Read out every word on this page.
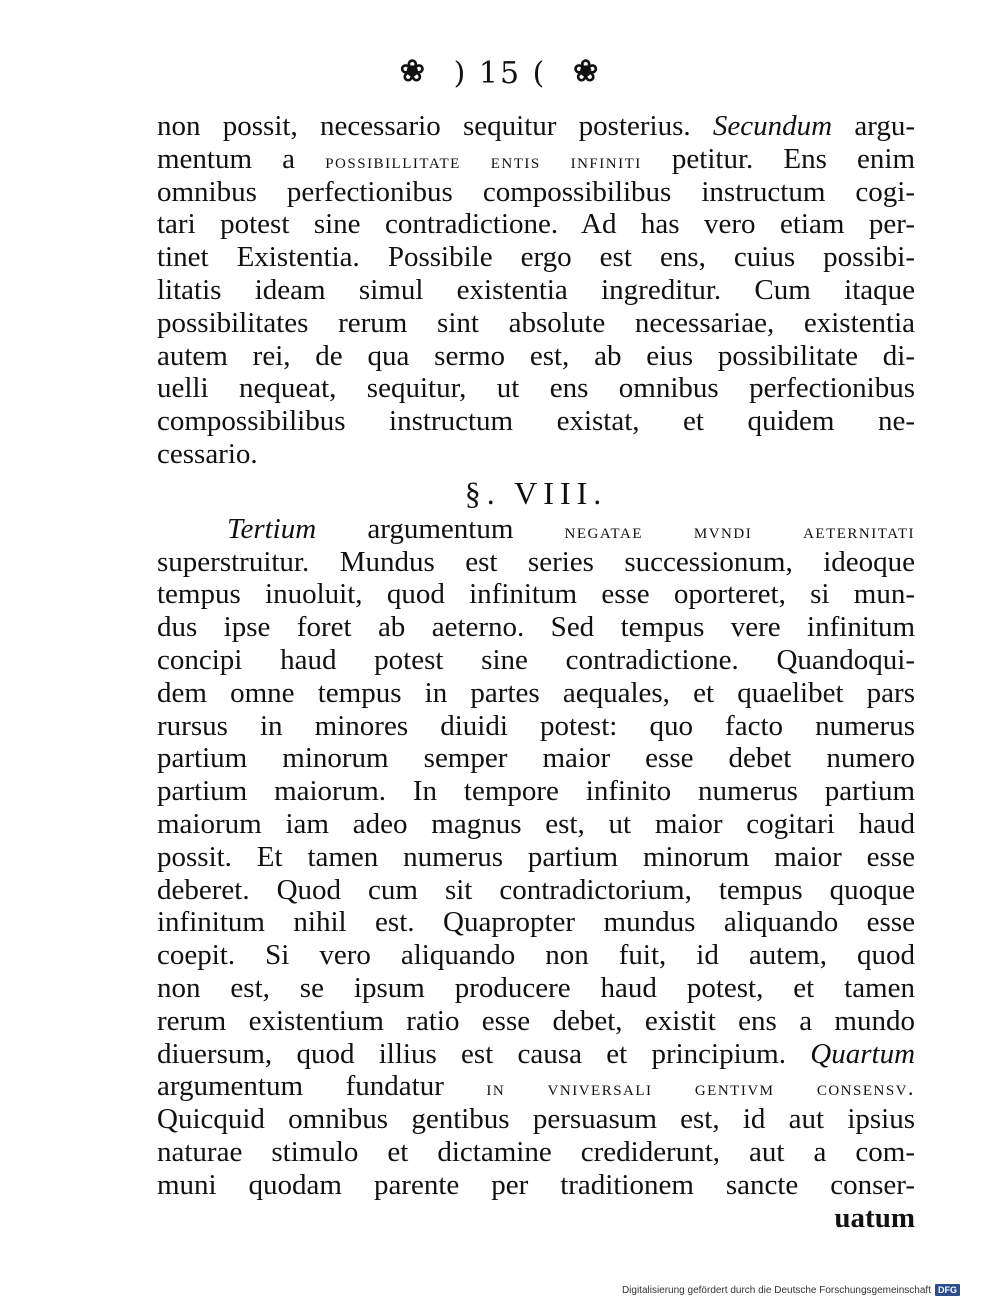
❀ ) 15 ( ❀
non possit, necessario sequitur posterius. Secundum argu-
mentum a possibillitate entis infiniti petitur. Ens enim
omnibus perfectionibus compossibilibus instructum cogi-
tari potest sine contradictione. Ad has vero etiam per-
tinet Existentia. Possibile ergo est ens, cuius possibi-
litatis ideam simul existentia ingreditur. Cum itaque
possibilitates rerum sint absolute necessariae, existentia
autem rei, de qua sermo est, ab eius possibilitate di-
uelli nequeat, sequitur, ut ens omnibus perfectionibus
compossibilibus instructum existat, et quidem ne-
cessario.
§. VIII.
Tertium argumentum negatae mvndi aeternitati
superstruitur. Mundus est series successionum, ideoque
tempus inuoluit, quod infinitum esse oporteret, si mun-
dus ipse foret ab aeterno. Sed tempus vere infinitum
concipi haud potest sine contradictione. Quandoqui-
dem omne tempus in partes aequales, et quaelibet pars
rursus in minores diuidi potest: quo facto numerus
partium minorum semper maior esse debet numero
partium maiorum. In tempore infinito numerus partium
maiorum iam adeo magnus est, ut maior cogitari haud
possit. Et tamen numerus partium minorum maior esse
deberet. Quod cum sit contradictorium, tempus quoque
infinitum nihil est. Quapropter mundus aliquando esse
coepit. Si vero aliquando non fuit, id autem, quod
non est, se ipsum producere haud potest, et tamen
rerum existentium ratio esse debet, existit ens a mundo
diuersum, quod illius est causa et principium. Quartum
argumentum fundatur in vniversali gentivm consensv.
Quicquid omnibus gentibus persuasum est, id aut ipsius
naturae stimulo et dictamine crediderunt, aut a com-
muni quodam parente per traditionem sancte conser-
uatum
Digitalisierung gefördert durch die Deutsche Forschungsgemeinschaft DFG
